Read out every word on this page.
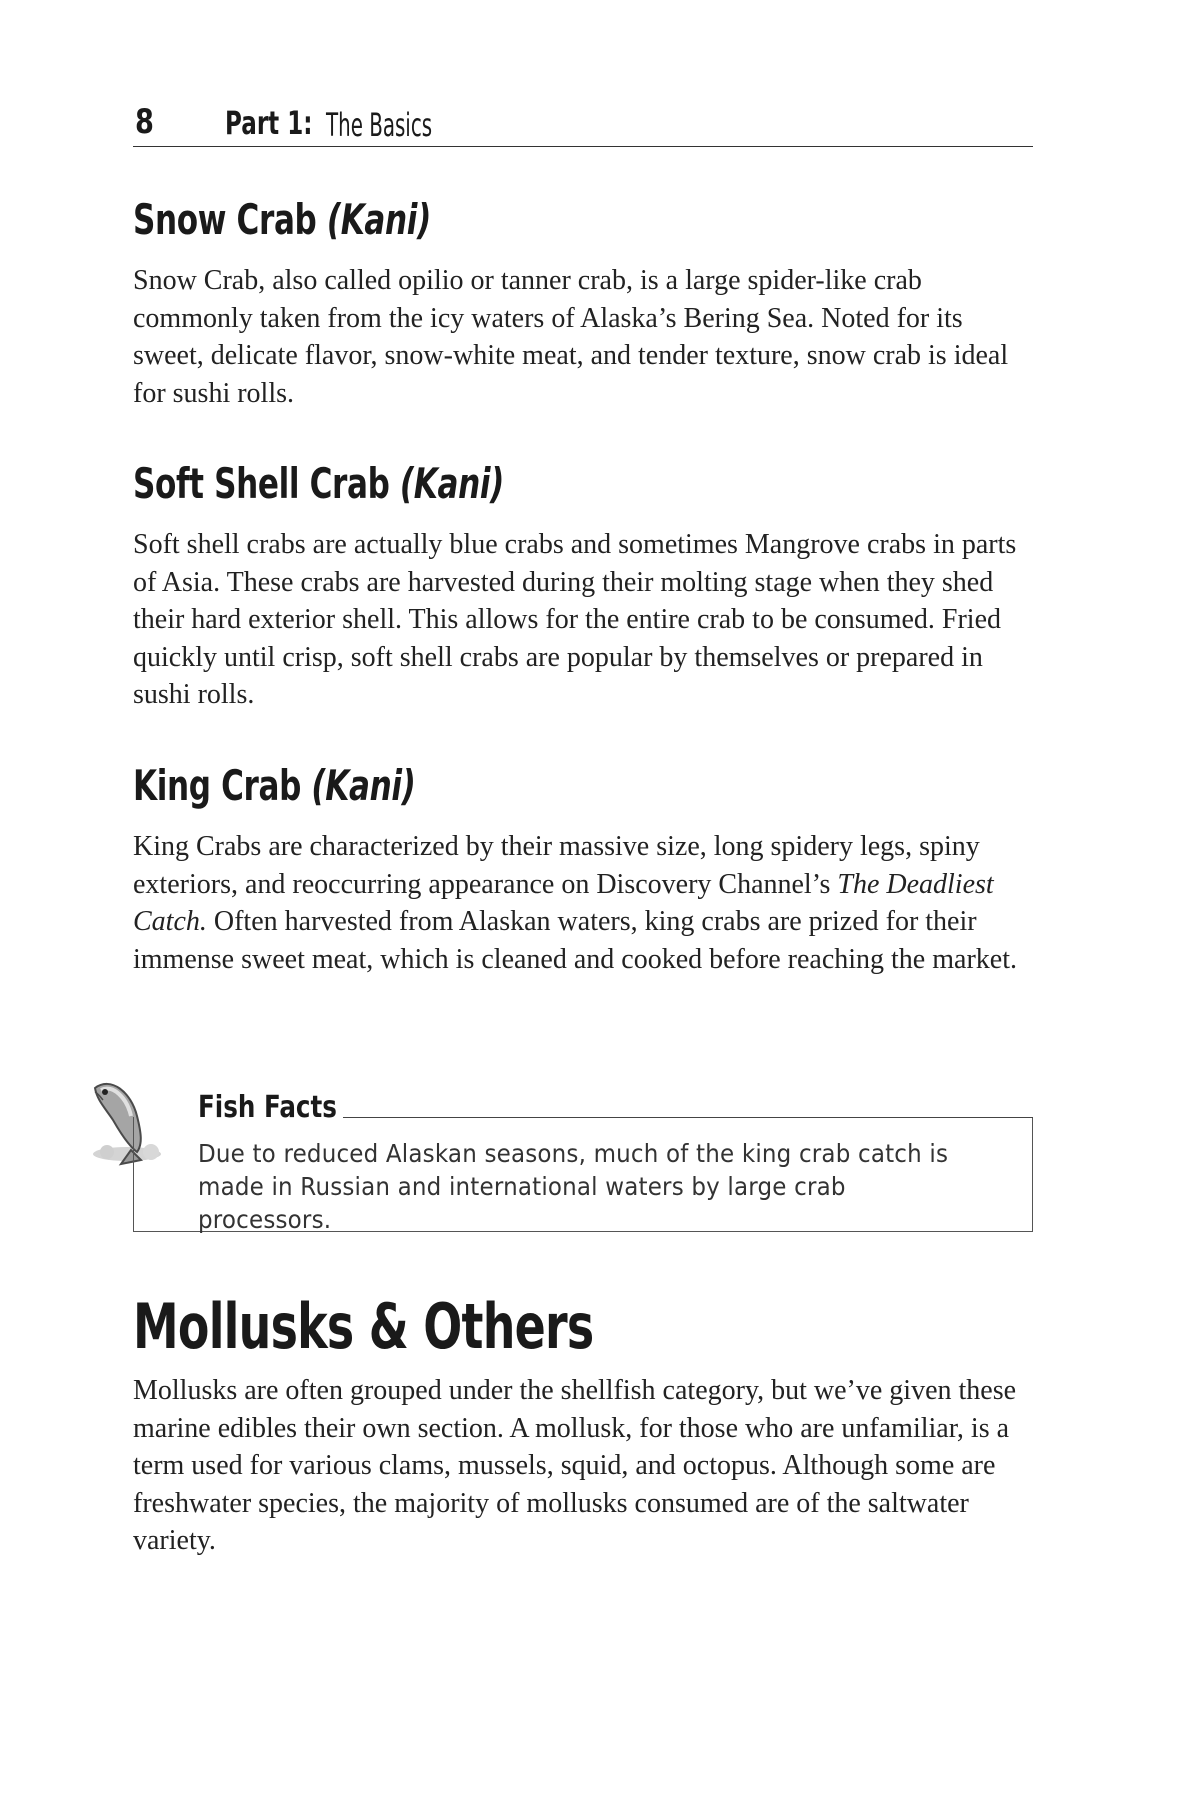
8 Part 1: The Basics
Snow Crab (Kani)

Snow Crab, also called opilio or tanner crab, is a large spider-like crab commonly taken from the icy waters of Alaska’s Bering Sea. Noted for its sweet, delicate flavor, snow-white meat, and tender texture, snow crab is ideal for sushi rolls.

Soft Shell Crab (Kani)

Soft shell crabs are actually blue crabs and sometimes Mangrove crabs in parts of Asia. These crabs are harvested during their molting stage when they shed their hard exterior shell. This allows for the entire crab to be consumed. Fried quickly until crisp, soft shell crabs are popular by themselves or prepared in sushi rolls.

King Crab (Kani)

King Crabs are characterized by their massive size, long spidery legs, spiny exteriors, and reoccurring appearance on Discovery Channel’s The Deadliest Catch. Often harvested from Alaskan waters, king crabs are prized for their immense sweet meat, which is cleaned and cooked before reaching the market.

Fish Facts

Due to reduced Alaskan seasons, much of the king crab catch is made in Russian and international waters by large crab processors.

Mollusks & Others

Mollusks are often grouped under the shellfish category, but we’ve given these marine edibles their own section. A mollusk, for those who are unfamiliar, is a term used for various clams, mussels, squid, and octopus. Although some are freshwater species, the majority of mollusks consumed are of the saltwater variety.
